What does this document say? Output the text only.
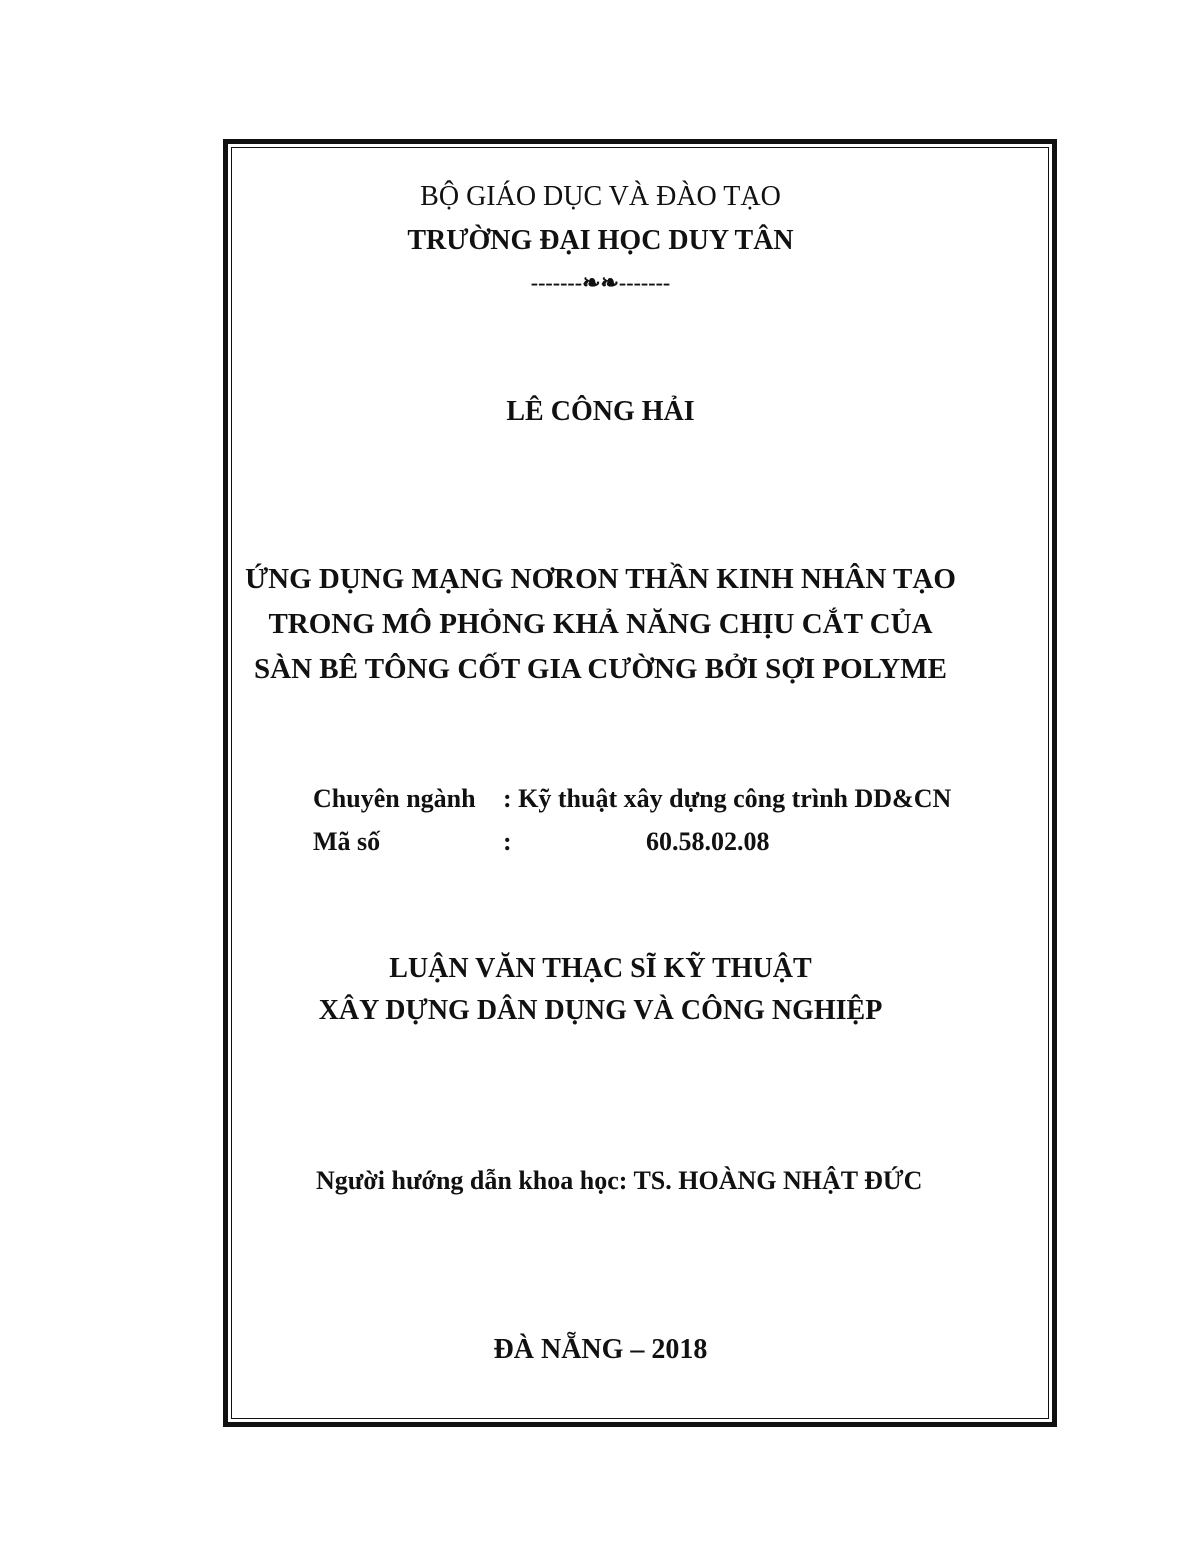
BỘ GIÁO DỤC VÀ ĐÀO TẠO
TRƯỜNG ĐẠI HỌC DUY TÂN
-------❧❧-------
LÊ CÔNG HẢI
ỨNG DỤNG MẠNG NƠRON THẦN KINH NHÂN TẠO
TRONG MÔ PHỎNG KHẢ NĂNG CHỊU CẮT CỦA
SÀN BÊ TÔNG CỐT GIA CƯỜNG BỞI SỢI POLYME
Chuyên ngành : Kỹ thuật xây dựng công trình DD&CN
Mã số	:	60.58.02.08
LUẬN VĂN THẠC SĨ KỸ THUẬT
XÂY DỰNG DÂN DỤNG VÀ CÔNG NGHIỆP
Người hướng dẫn khoa học: TS. HOÀNG NHẬT ĐỨC
ĐÀ NẴNG – 2018
